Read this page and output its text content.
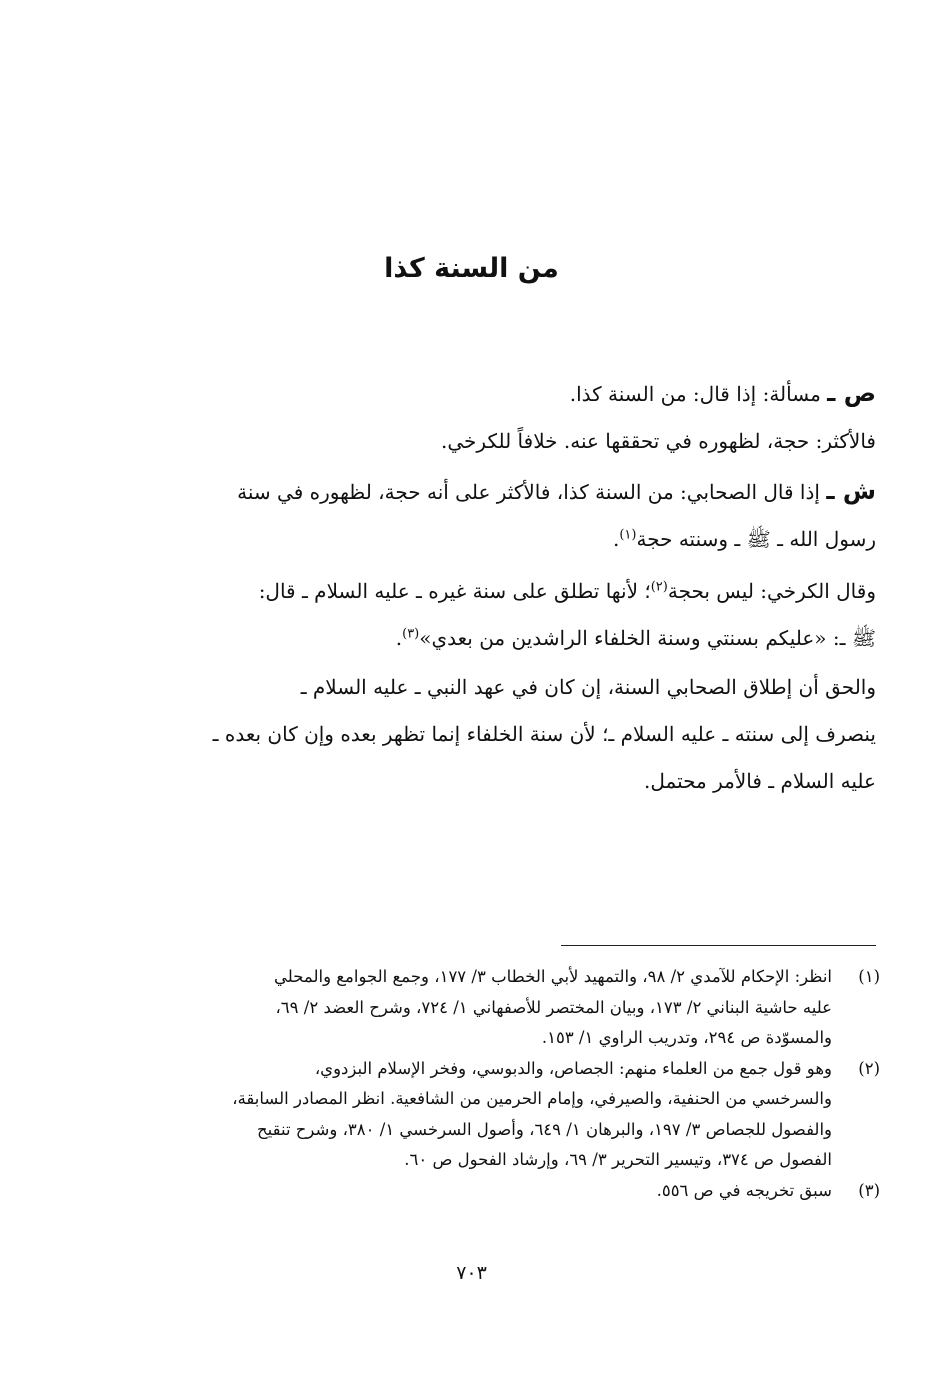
من السنة كذا
ص ـ مسألة: إذا قال: من السنة كذا.
فالأكثر: حجة، لظهوره في تحققها عنه. خلافاً للكرخي.
ش ـ إذا قال الصحابي: من السنة كذا، فالأكثر على أنه حجة، لظهوره في سنة
رسول الله ـ ﷺ ـ وسنته حجة$^{(١)}$.
وقال الكرخي: ليس بحجة$^{(٢)}$؛ لأنها تطلق على سنة غيره ـ عليه السلام ـ قال:
ﷺ ـ: «عليكم بسنتي وسنة الخلفاء الراشدين من بعدي»$^{(٣)}$.
والحق أن إطلاق الصحابي السنة، إن كان في عهد النبي ـ عليه السلام ـ
ينصرف إلى سنته ـ عليه السلام ـ؛ لأن سنة الخلفاء إنما تظهر بعده وإن كان بعده ـ
عليه السلام ـ فالأمر محتمل.
(١)
انظر: الإحكام للآمدي ٢/ ٩٨، والتمهيد لأبي الخطاب ٣/ ١٧٧، وجمع الجوامع والمحلي
عليه حاشية البناني ٢/ ١٧٣، وبيان المختصر للأصفهاني ١/ ٧٢٤، وشرح العضد ٢/ ٦٩،
والمسوّدة ص ٢٩٤، وتدريب الراوي ١/ ١٥٣.
(٢)
وهو قول جمع من العلماء منهم: الجصاص، والدبوسي، وفخر الإسلام البزدوي،
والسرخسي من الحنفية، والصيرفي، وإمام الحرمين من الشافعية. انظر المصادر السابقة،
والفصول للجصاص ٣/ ١٩٧، والبرهان ١/ ٦٤٩، وأصول السرخسي ١/ ٣٨٠، وشرح تنقيح
الفصول ص ٣٧٤، وتيسير التحرير ٣/ ٦٩، وإرشاد الفحول ص ٦٠.
(٣)
سبق تخريجه في ص ٥٥٦.
٧٠٣
